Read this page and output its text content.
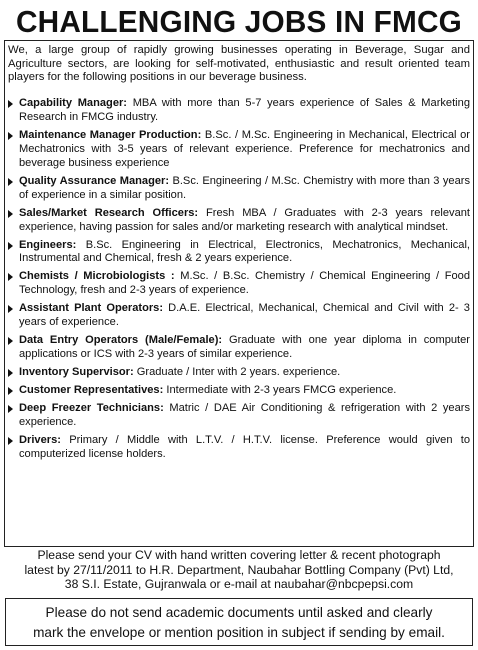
CHALLENGING JOBS IN FMCG
We, a large group of rapidly growing businesses operating in Beverage, Sugar and Agriculture sectors, are looking for self-motivated, enthusiastic and result oriented team players for the following positions in our beverage business.
Capability Manager: MBA with more than 5-7 years experience of Sales & Marketing Research in FMCG industry.
Maintenance Manager Production: B.Sc. / M.Sc. Engineering in Mechanical, Electrical or Mechatronics with 3-5 years of relevant experience. Preference for mechatronics and beverage business experience
Quality Assurance Manager: B.Sc. Engineering / M.Sc. Chemistry with more than 3 years of experience in a similar position.
Sales/Market Research Officers: Fresh MBA / Graduates with 2-3 years relevant experience, having passion for sales and/or marketing research with analytical mindset.
Engineers: B.Sc. Engineering in Electrical, Electronics, Mechatronics, Mechanical, Instrumental and Chemical, fresh & 2 years experience.
Chemists / Microbiologists : M.Sc. / B.Sc. Chemistry / Chemical Engineering / Food Technology, fresh and 2-3 years of experience.
Assistant Plant Operators: D.A.E. Electrical, Mechanical, Chemical and Civil with 2- 3 years of experience.
Data Entry Operators (Male/Female): Graduate with one year diploma in computer applications or ICS with 2-3 years of similar experience.
Inventory Supervisor: Graduate / Inter with 2 years. experience.
Customer Representatives: Intermediate with 2-3 years FMCG experience.
Deep Freezer Technicians: Matric / DAE Air Conditioning & refrigeration with 2 years experience.
Drivers: Primary / Middle with L.T.V. / H.T.V. license. Preference would given to computerized license holders.
Please send your CV with hand written covering letter & recent photograph
latest by 27/11/2011 to H.R. Department, Naubahar Bottling Company (Pvt) Ltd,
38 S.I. Estate, Gujranwala or e-mail at naubahar@nbcpepsi.com
Please do not send academic documents until asked and clearly
mark the envelope or mention position in subject if sending by email.
